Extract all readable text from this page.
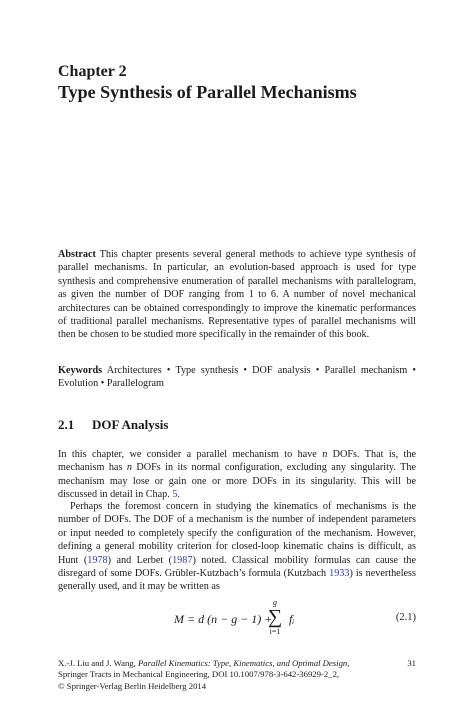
Chapter 2
Type Synthesis of Parallel Mechanisms
Abstract This chapter presents several general methods to achieve type synthesis of parallel mechanisms. In particular, an evolution-based approach is used for type synthesis and comprehensive enumeration of parallel mechanisms with parallelogram, as given the number of DOF ranging from 1 to 6. A number of novel mechanical architectures can be obtained correspondingly to improve the kinematic performances of traditional parallel mechanisms. Representative types of parallel mechanisms will then be chosen to be studied more specifically in the remainder of this book.
Keywords Architectures • Type synthesis • DOF analysis • Parallel mechanism • Evolution • Parallelogram
2.1 DOF Analysis
In this chapter, we consider a parallel mechanism to have n DOFs. That is, the mechanism has n DOFs in its normal configuration, excluding any singularity. The mechanism may lose or gain one or more DOFs in its singularity. This will be discussed in detail in Chap. 5.
Perhaps the foremost concern in studying the kinematics of mechanisms is the number of DOFs. The DOF of a mechanism is the number of independent parameters or input needed to completely specify the configuration of the mechanism. However, defining a general mobility criterion for closed-loop kinematic chains is difficult, as Hunt (1978) and Lerbet (1987) noted. Classical mobility formulas can cause the disregard of some DOFs. Grübler-Kutzbach’s formula (Kutzbach 1933) is nevertheless generally used, and it may be written as
M = d (n − g − 1) +
g
∑
i=1
fᵢ	(2.1)
X.-J. Liu and J. Wang, Parallel Kinematics: Type, Kinematics, and Optimal Design,
Springer Tracts in Mechanical Engineering, DOI 10.1007/978-3-642-36929-2_2,
© Springer-Verlag Berlin Heidelberg 2014
31
